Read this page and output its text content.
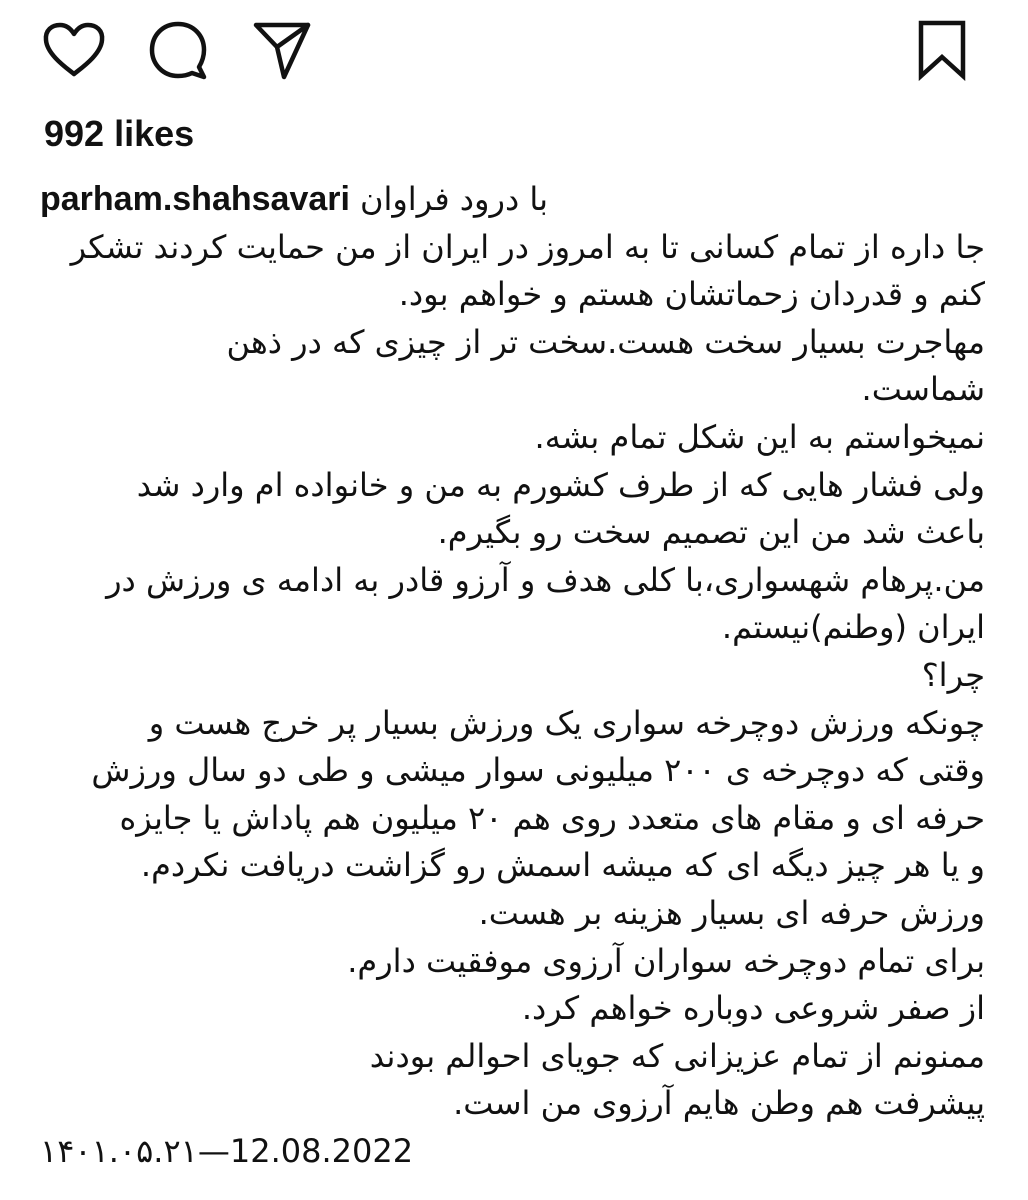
992 likes
parham.shahsavari با درود فراوان
جا داره از تمام کسانی تا به امروز در ایران از من حمایت کردند تشکر
کنم و قدردان زحماتشان هستم و خواهم بود.
مهاجرت بسیار سخت هست.سخت تر از چیزی که در ذهن
شماست.
نمیخواستم به این شکل تمام بشه.
ولی فشار هایی که از طرف کشورم به من و خانواده ام وارد شد
باعث شد من این تصمیم سخت رو بگیرم.
من.پرهام شهسواری،با کلی هدف و آرزو قادر به ادامه ی ورزش در
ایران (وطنم)نیستم.
چرا؟
چونکه ورزش دوچرخه سواری یک ورزش بسیار پر خرج هست و
وقتی که دوچرخه ی ۲۰۰ میلیونی سوار میشی و طی دو سال ورزش
حرفه ای و مقام های متعدد روی هم ۲۰ میلیون هم پاداش یا جایزه
و یا هر چیز دیگه ای که میشه اسمش رو گزاشت دریافت نکردم.
ورزش حرفه ای بسیار هزینه بر هست.
برای تمام دوچرخه سواران آرزوی موفقیت دارم.
از صفر شروعی دوباره خواهم کرد.
ممنونم از تمام عزیزانی که جویای احوالم بودند
پیشرفت هم وطن هایم آرزوی من است.
۱۴۰۱.۰۵.۲۱—12.08.2022
